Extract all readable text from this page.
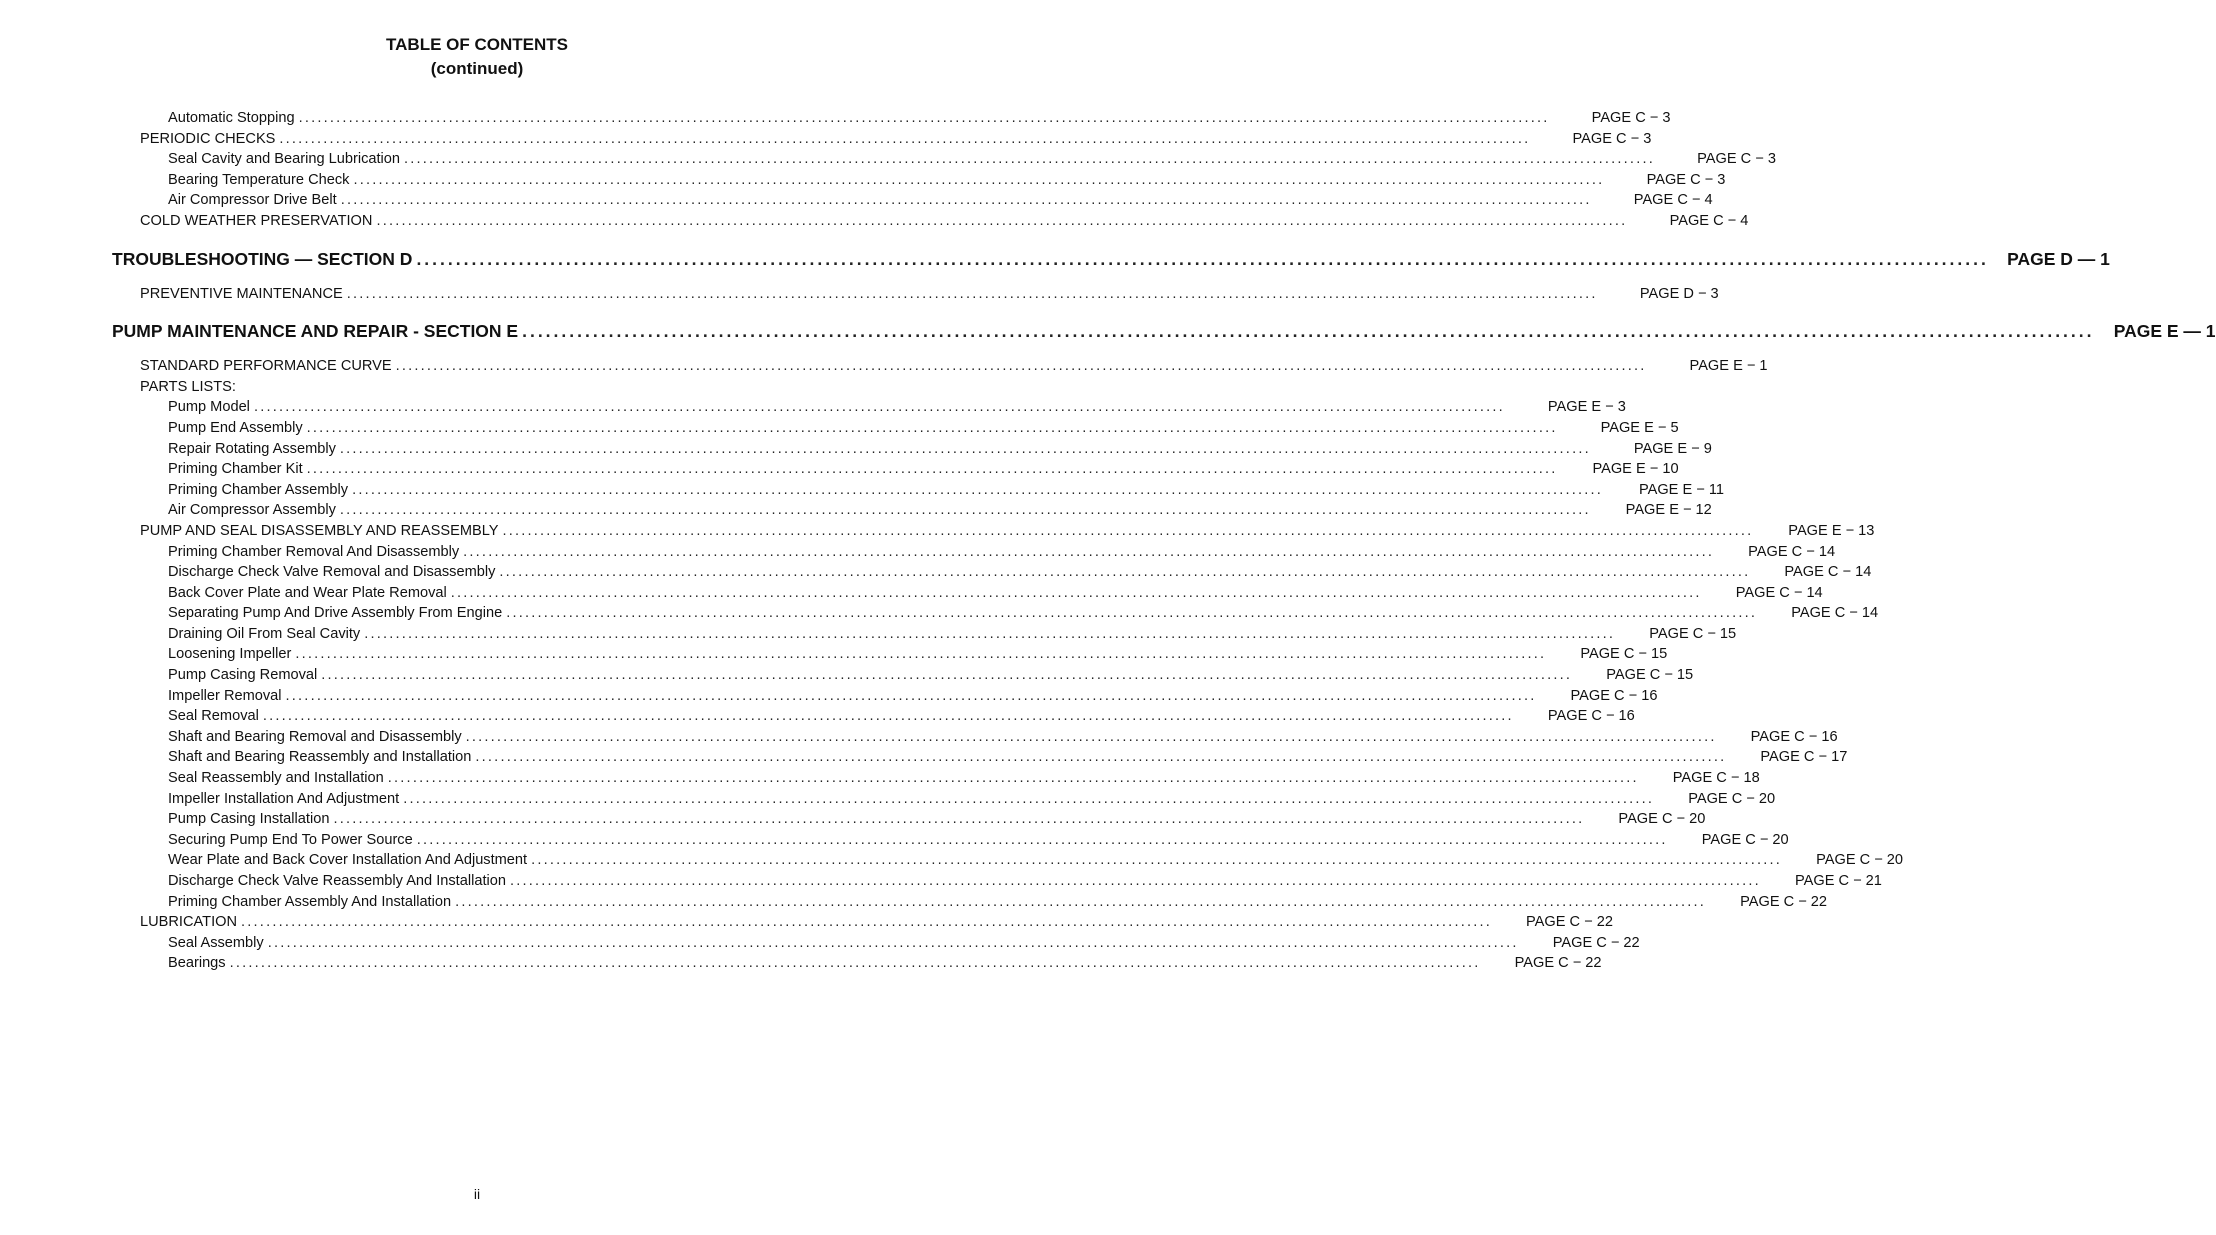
TABLE OF CONTENTS
(continued)
Automatic Stopping ........................................................................................................................................................................................................	PAGE C − 3
PERIODIC CHECKS ........................................................................................................................................................................................................	PAGE C − 3
Seal Cavity and Bearing Lubrication ........................................................................................................................................................................................................	PAGE C − 3
Bearing Temperature Check ........................................................................................................................................................................................................	PAGE C − 3
Air Compressor Drive Belt ........................................................................................................................................................................................................	PAGE C − 4
COLD WEATHER PRESERVATION ........................................................................................................................................................................................................	PAGE C − 4
TROUBLESHOOTING — SECTION D ........................................................................................................................................................................................................	PAGE D — 1
PREVENTIVE MAINTENANCE ........................................................................................................................................................................................................	PAGE D − 3
PUMP MAINTENANCE AND REPAIR - SECTION E ........................................................................................................................................................................................................	PAGE E — 1
STANDARD PERFORMANCE CURVE ........................................................................................................................................................................................................	PAGE E − 1
PARTS LISTS:
Pump Model ........................................................................................................................................................................................................	PAGE E − 3
Pump End Assembly ........................................................................................................................................................................................................	PAGE E − 5
Repair Rotating Assembly ........................................................................................................................................................................................................	PAGE E − 9
Priming Chamber Kit ........................................................................................................................................................................................................	PAGE E − 10
Priming Chamber Assembly ........................................................................................................................................................................................................	PAGE E − 11
Air Compressor Assembly ........................................................................................................................................................................................................	PAGE E − 12
PUMP AND SEAL DISASSEMBLY AND REASSEMBLY ........................................................................................................................................................................................................	PAGE E − 13
Priming Chamber Removal And Disassembly ........................................................................................................................................................................................................	PAGE C − 14
Discharge Check Valve Removal and Disassembly ........................................................................................................................................................................................................	PAGE C − 14
Back Cover Plate and Wear Plate Removal ........................................................................................................................................................................................................	PAGE C − 14
Separating Pump And Drive Assembly From Engine ........................................................................................................................................................................................................	PAGE C − 14
Draining Oil From Seal Cavity ........................................................................................................................................................................................................	PAGE C − 15
Loosening Impeller ........................................................................................................................................................................................................	PAGE C − 15
Pump Casing Removal ........................................................................................................................................................................................................	PAGE C − 15
Impeller Removal ........................................................................................................................................................................................................	PAGE C − 16
Seal Removal ........................................................................................................................................................................................................	PAGE C − 16
Shaft and Bearing Removal and Disassembly ........................................................................................................................................................................................................	PAGE C − 16
Shaft and Bearing Reassembly and Installation ........................................................................................................................................................................................................	PAGE C − 17
Seal Reassembly and Installation ........................................................................................................................................................................................................	PAGE C − 18
Impeller Installation And Adjustment ........................................................................................................................................................................................................	PAGE C − 20
Pump Casing Installation ........................................................................................................................................................................................................	PAGE C − 20
Securing Pump End To Power Source ........................................................................................................................................................................................................	PAGE C − 20
Wear Plate and Back Cover Installation And Adjustment ........................................................................................................................................................................................................	PAGE C − 20
Discharge Check Valve Reassembly And Installation ........................................................................................................................................................................................................	PAGE C − 21
Priming Chamber Assembly And Installation ........................................................................................................................................................................................................	PAGE C − 22
LUBRICATION ........................................................................................................................................................................................................	PAGE C − 22
Seal Assembly ........................................................................................................................................................................................................	PAGE C − 22
Bearings ........................................................................................................................................................................................................	PAGE C − 22
ii
